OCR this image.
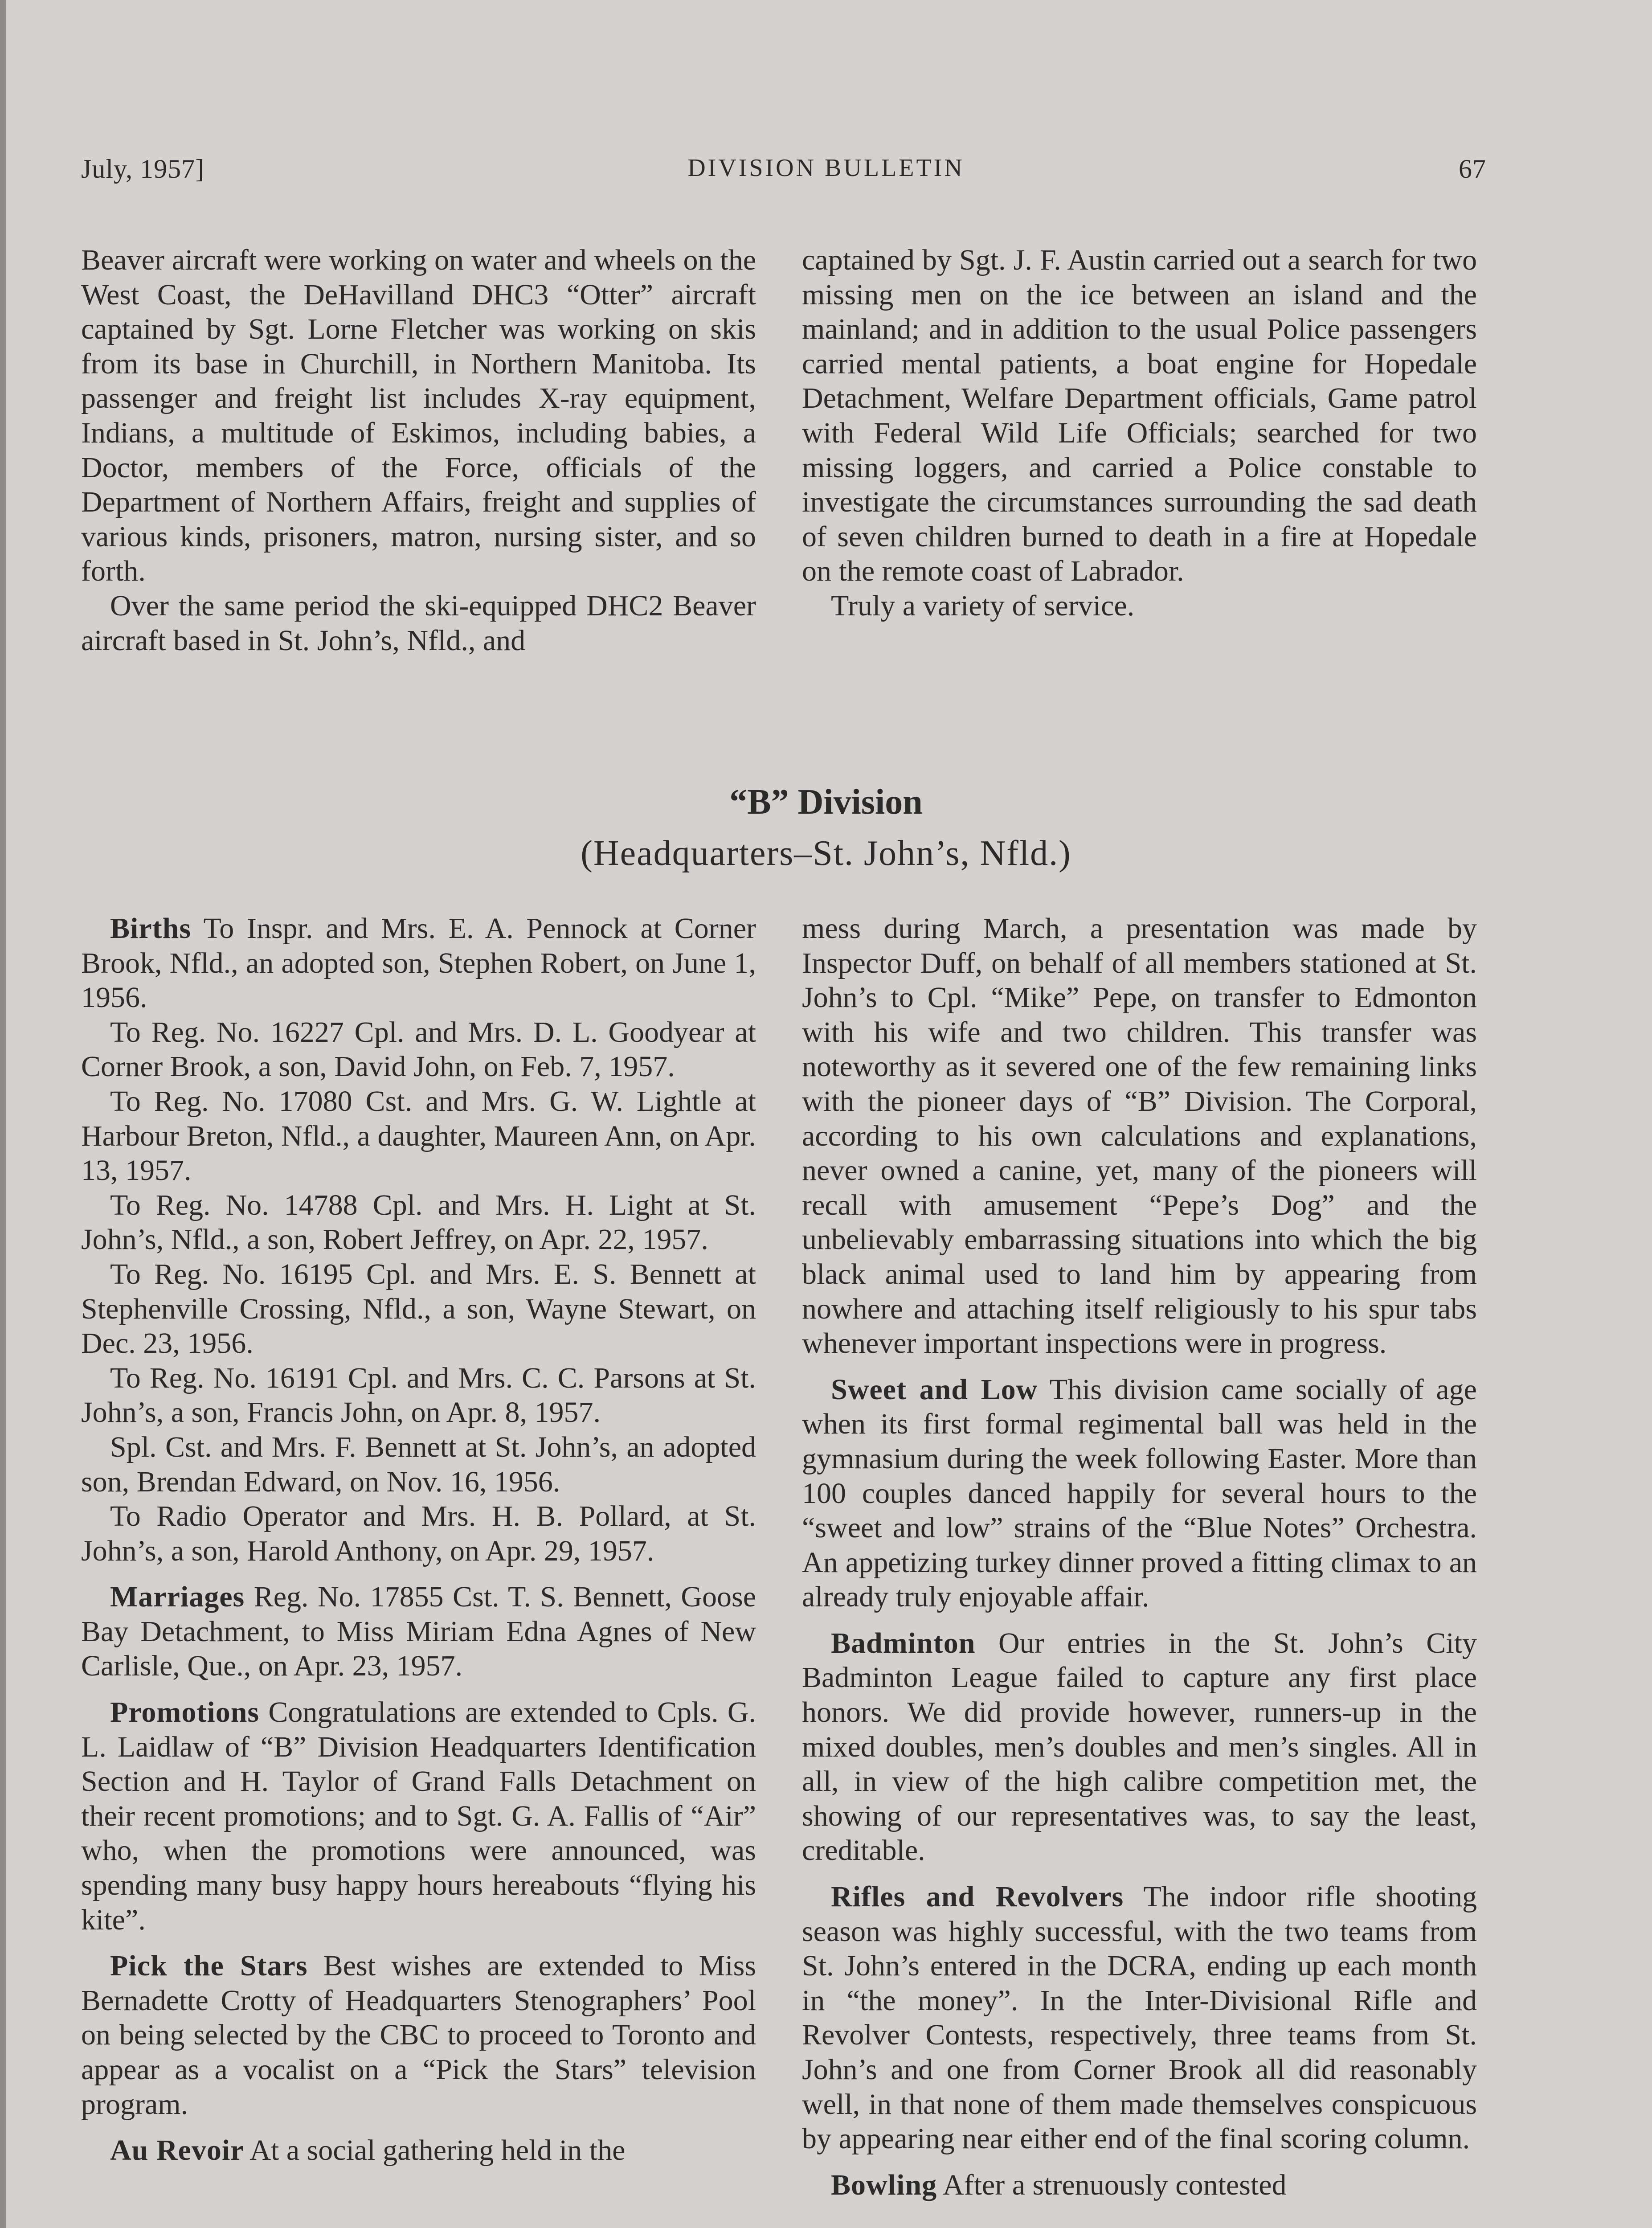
July, 1957]	DIVISION BULLETIN	67

Beaver aircraft were working on water and wheels on the West Coast, the DeHavilland DHC3 “Otter” aircraft captained by Sgt. Lorne Fletcher was working on skis from its base in Churchill, in Northern Manitoba. Its passenger and freight list includes X-ray equipment, Indians, a multitude of Eskimos, including babies, a Doctor, members of the Force, officials of the Department of Northern Affairs, freight and supplies of various kinds, prisoners, matron, nursing sister, and so forth.

Over the same period the ski-equipped DHC2 Beaver aircraft based in St. John’s, Nfld., and

captained by Sgt. J. F. Austin carried out a search for two missing men on the ice between an island and the mainland; and in addition to the usual Police passengers carried mental patients, a boat engine for Hopedale Detachment, Welfare Department officials, Game patrol with Federal Wild Life Officials; searched for two missing loggers, and carried a Police constable to investigate the circumstances surrounding the sad death of seven children burned to death in a fire at Hopedale on the remote coast of Labrador.

Truly a variety of service.

“B” Division
(Headquarters–St. John’s, Nfld.)

Births To Inspr. and Mrs. E. A. Pennock at Corner Brook, Nfld., an adopted son, Stephen Robert, on June 1, 1956.

To Reg. No. 16227 Cpl. and Mrs. D. L. Goodyear at Corner Brook, a son, David John, on Feb. 7, 1957.

To Reg. No. 17080 Cst. and Mrs. G. W. Lightle at Harbour Breton, Nfld., a daughter, Maureen Ann, on Apr. 13, 1957.

To Reg. No. 14788 Cpl. and Mrs. H. Light at St. John’s, Nfld., a son, Robert Jeffrey, on Apr. 22, 1957.

To Reg. No. 16195 Cpl. and Mrs. E. S. Bennett at Stephenville Crossing, Nfld., a son, Wayne Stewart, on Dec. 23, 1956.

To Reg. No. 16191 Cpl. and Mrs. C. C. Parsons at St. John’s, a son, Francis John, on Apr. 8, 1957.

Spl. Cst. and Mrs. F. Bennett at St. John’s, an adopted son, Brendan Edward, on Nov. 16, 1956.

To Radio Operator and Mrs. H. B. Pollard, at St. John’s, a son, Harold Anthony, on Apr. 29, 1957.

Marriages Reg. No. 17855 Cst. T. S. Bennett, Goose Bay Detachment, to Miss Miriam Edna Agnes of New Carlisle, Que., on Apr. 23, 1957.

Promotions Congratulations are extended to Cpls. G. L. Laidlaw of “B” Division Headquarters Identification Section and H. Taylor of Grand Falls Detachment on their recent promotions; and to Sgt. G. A. Fallis of “Air” who, when the promotions were announced, was spending many busy happy hours hereabouts “flying his kite”.

Pick the Stars Best wishes are extended to Miss Bernadette Crotty of Headquarters Stenographers’ Pool on being selected by the CBC to proceed to Toronto and appear as a vocalist on a “Pick the Stars” television program.

Au Revoir At a social gathering held in the

mess during March, a presentation was made by Inspector Duff, on behalf of all members stationed at St. John’s to Cpl. “Mike” Pepe, on transfer to Edmonton with his wife and two children. This transfer was noteworthy as it severed one of the few remaining links with the pioneer days of “B” Division. The Corporal, according to his own calculations and explanations, never owned a canine, yet, many of the pioneers will recall with amusement “Pepe’s Dog” and the unbelievably embarrassing situations into which the big black animal used to land him by appearing from nowhere and attaching itself religiously to his spur tabs whenever important inspections were in progress.

Sweet and Low This division came socially of age when its first formal regimental ball was held in the gymnasium during the week following Easter. More than 100 couples danced happily for several hours to the “sweet and low” strains of the “Blue Notes” Orchestra. An appetizing turkey dinner proved a fitting climax to an already truly enjoyable affair.

Badminton Our entries in the St. John’s City Badminton League failed to capture any first place honors. We did provide however, runners-up in the mixed doubles, men’s doubles and men’s singles. All in all, in view of the high calibre competition met, the showing of our representatives was, to say the least, creditable.

Rifles and Revolvers The indoor rifle shooting season was highly successful, with the two teams from St. John’s entered in the DCRA, ending up each month in “the money”. In the Inter-Divisional Rifle and Revolver Contests, respectively, three teams from St. John’s and one from Corner Brook all did reasonably well, in that none of them made themselves conspicuous by appearing near either end of the final scoring column.

Bowling After a strenuously contested
